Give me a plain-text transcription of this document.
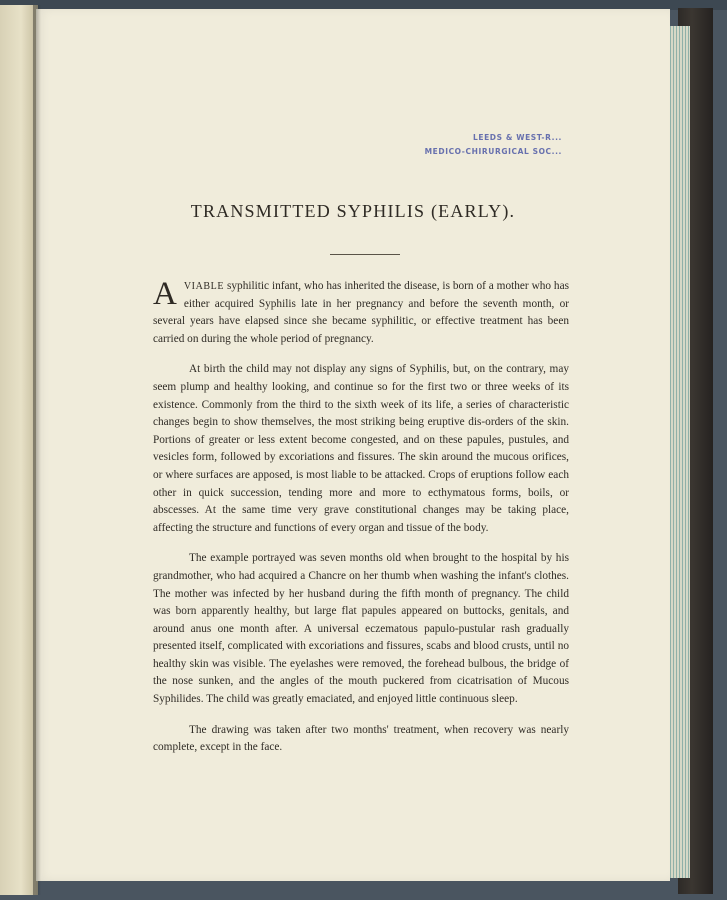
LEEDS & WEST-R...
MEDICO-CHIRURGICAL SOC...
TRANSMITTED SYPHILIS (EARLY).

AVIABLE syphilitic infant, who has inherited the disease, is born of a mother who has either acquired Syphilis late in her pregnancy and before the seventh month, or several years have elapsed since she became syphilitic, or effective treatment has been carried on during the whole period of pregnancy.

At birth the child may not display any signs of Syphilis, but, on the contrary, may seem plump and healthy looking, and continue so for the first two or three weeks of its existence. Commonly from the third to the sixth week of its life, a series of characteristic changes begin to show themselves, the most striking being eruptive dis-orders of the skin. Portions of greater or less extent become congested, and on these papules, pustules, and vesicles form, followed by excoriations and fissures. The skin around the mucous orifices, or where surfaces are apposed, is most liable to be attacked. Crops of eruptions follow each other in quick succession, tending more and more to ecthymatous forms, boils, or abscesses. At the same time very grave constitutional changes may be taking place, affecting the structure and functions of every organ and tissue of the body.

The example portrayed was seven months old when brought to the hospital by his grandmother, who had acquired a Chancre on her thumb when washing the infant's clothes. The mother was infected by her husband during the fifth month of pregnancy. The child was born apparently healthy, but large flat papules appeared on buttocks, genitals, and around anus one month after. A universal eczematous papulo-pustular rash gradually presented itself, complicated with excoriations and fissures, scabs and blood crusts, until no healthy skin was visible. The eyelashes were removed, the forehead bulbous, the bridge of the nose sunken, and the angles of the mouth puckered from cicatrisation of Mucous Syphilides. The child was greatly emaciated, and enjoyed little continuous sleep.

The drawing was taken after two months' treatment, when recovery was nearly complete, except in the face.
